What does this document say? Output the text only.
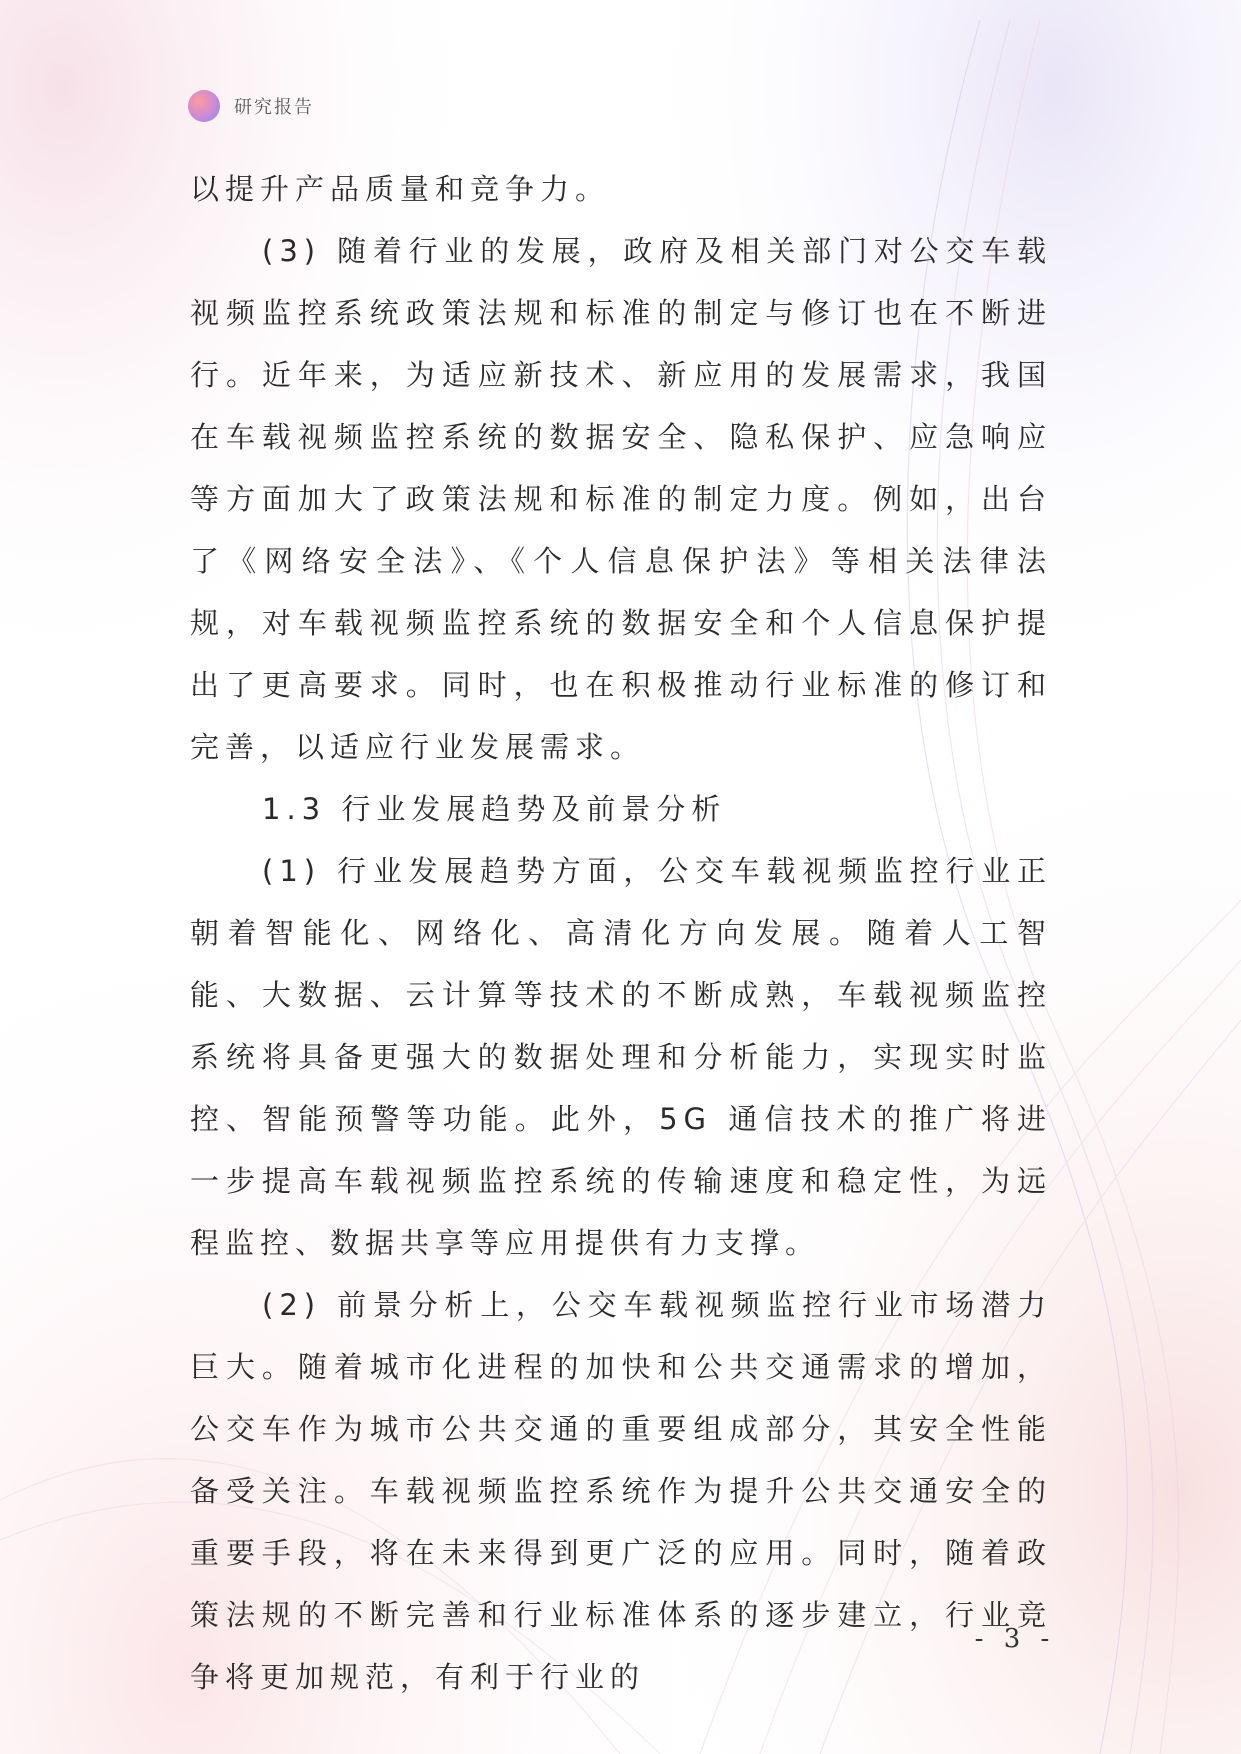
研究报告

以提升产品质量和竞争力。

(3) 随着行业的发展，政府及相关部门对公交车载视频监控系统政策法规和标准的制定与修订也在不断进行。近年来，为适应新技术、新应用的发展需求，我国在车载视频监控系统的数据安全、隐私保护、应急响应等方面加大了政策法规和标准的制定力度。例如，出台了《网络安全法》、《个人信息保护法》等相关法律法规，对车载视频监控系统的数据安全和个人信息保护提出了更高要求。同时，也在积极推动行业标准的修订和完善，以适应行业发展需求。

1.3 行业发展趋势及前景分析

(1) 行业发展趋势方面，公交车载视频监控行业正朝着智能化、网络化、高清化方向发展。随着人工智能、大数据、云计算等技术的不断成熟，车载视频监控系统将具备更强大的数据处理和分析能力，实现实时监控、智能预警等功能。此外，5G 通信技术的推广将进一步提高车载视频监控系统的传输速度和稳定性，为远程监控、数据共享等应用提供有力支撑。

(2) 前景分析上，公交车载视频监控行业市场潜力巨大。随着城市化进程的加快和公共交通需求的增加，公交车作为城市公共交通的重要组成部分，其安全性能备受关注。车载视频监控系统作为提升公共交通安全的重要手段，将在未来得到更广泛的应用。同时，随着政策法规的不断完善和行业标准体系的逐步建立，行业竞争将更加规范，有利于行业的

- 3 -
